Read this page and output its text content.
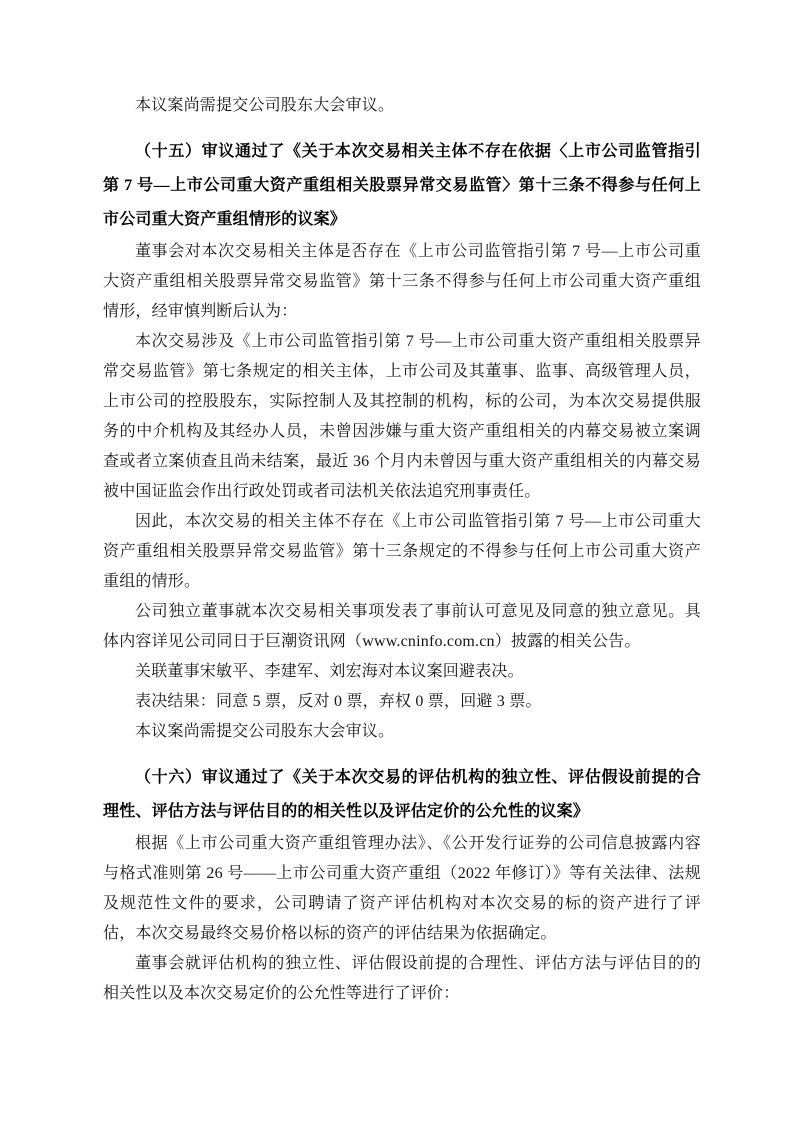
本议案尚需提交公司股东大会审议。

（十五）审议通过了《关于本次交易相关主体不存在依据〈上市公司监管指引第 7 号—上市公司重大资产重组相关股票异常交易监管〉第十三条不得参与任何上市公司重大资产重组情形的议案》

董事会对本次交易相关主体是否存在《上市公司监管指引第 7 号—上市公司重大资产重组相关股票异常交易监管》第十三条不得参与任何上市公司重大资产重组情形，经审慎判断后认为：

本次交易涉及《上市公司监管指引第 7 号—上市公司重大资产重组相关股票异常交易监管》第七条规定的相关主体，上市公司及其董事、监事、高级管理人员，上市公司的控股股东，实际控制人及其控制的机构，标的公司，为本次交易提供服务的中介机构及其经办人员，未曾因涉嫌与重大资产重组相关的内幕交易被立案调查或者立案侦查且尚未结案，最近 36 个月内未曾因与重大资产重组相关的内幕交易被中国证监会作出行政处罚或者司法机关依法追究刑事责任。

因此，本次交易的相关主体不存在《上市公司监管指引第 7 号—上市公司重大资产重组相关股票异常交易监管》第十三条规定的不得参与任何上市公司重大资产重组的情形。

公司独立董事就本次交易相关事项发表了事前认可意见及同意的独立意见。具体内容详见公司同日于巨潮资讯网（www.cninfo.com.cn）披露的相关公告。

关联董事宋敏平、李建军、刘宏海对本议案回避表决。

表决结果：同意 5 票，反对 0 票，弃权 0 票，回避 3 票。

本议案尚需提交公司股东大会审议。

（十六）审议通过了《关于本次交易的评估机构的独立性、评估假设前提的合理性、评估方法与评估目的的相关性以及评估定价的公允性的议案》

根据《上市公司重大资产重组管理办法》、《公开发行证券的公司信息披露内容与格式准则第 26 号——上市公司重大资产重组（2022 年修订）》等有关法律、法规及规范性文件的要求，公司聘请了资产评估机构对本次交易的标的资产进行了评估，本次交易最终交易价格以标的资产的评估结果为依据确定。

董事会就评估机构的独立性、评估假设前提的合理性、评估方法与评估目的的相关性以及本次交易定价的公允性等进行了评价：
